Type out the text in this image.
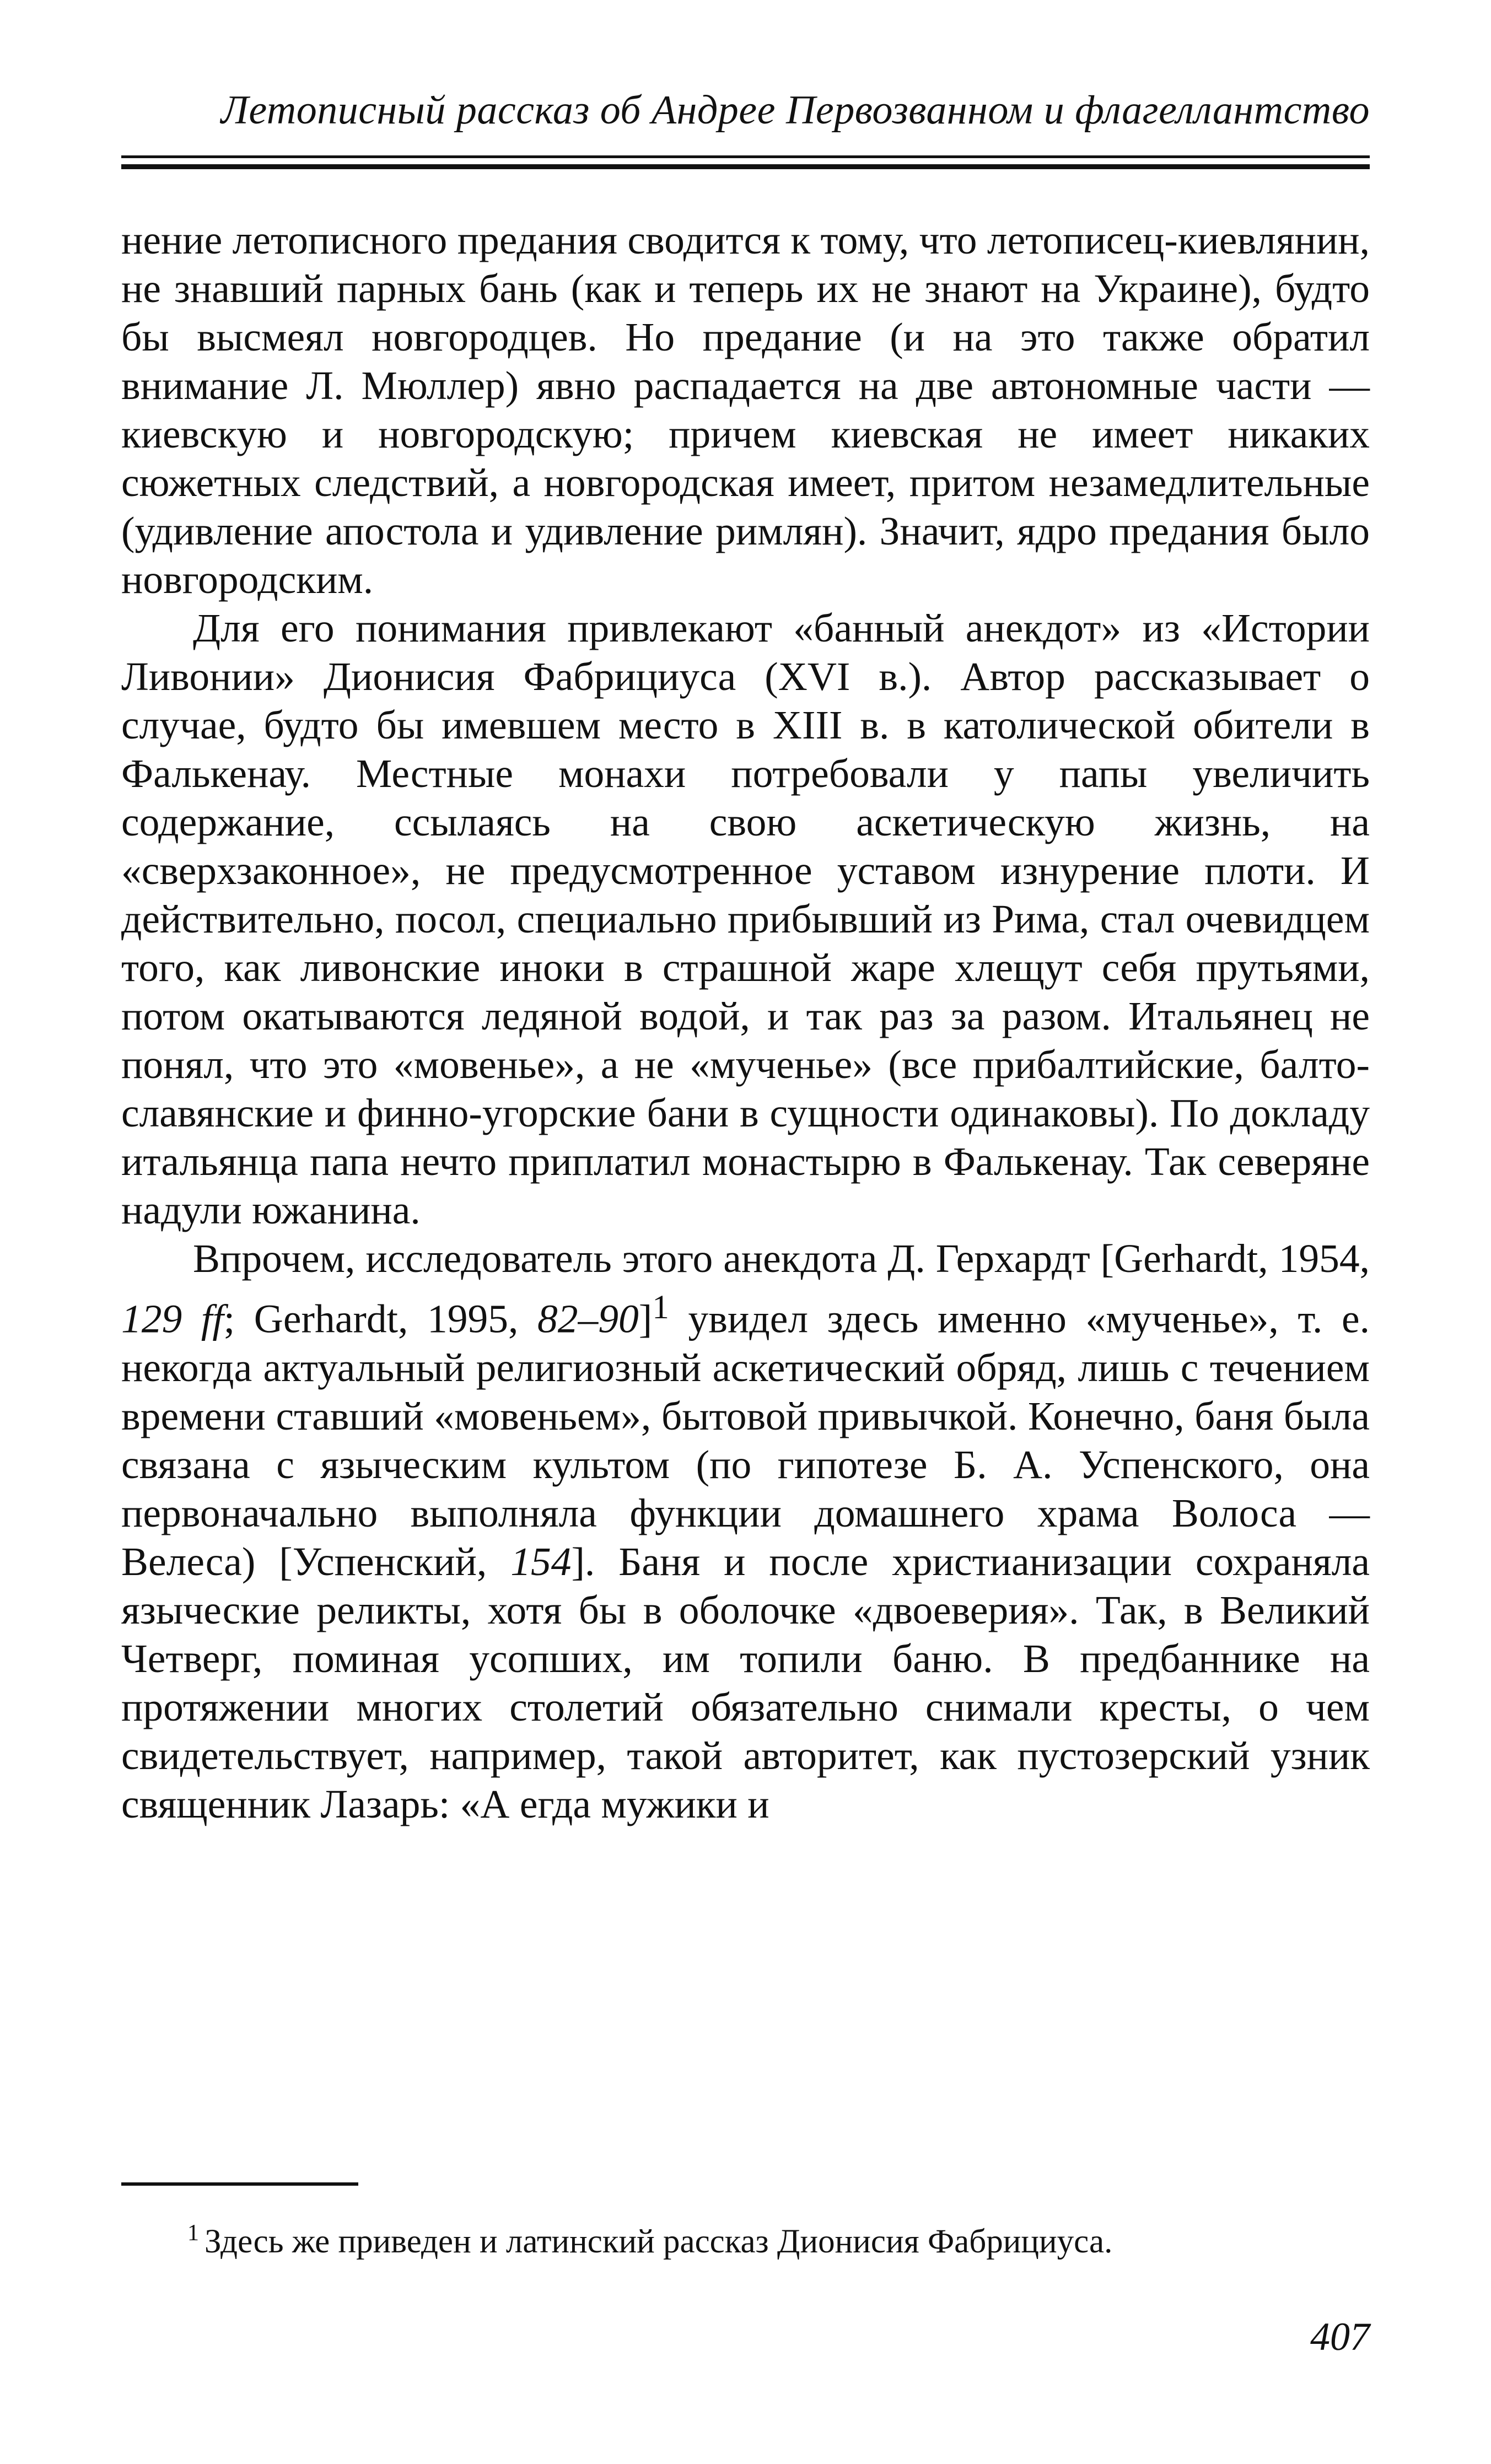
Летописный рассказ об Андрее Первозванном и флагеллантство

нение летописного предания сводится к тому, что летописец-киевлянин, не знавший парных бань (как и теперь их не знают на Украине), будто бы высмеял новгородцев. Но предание (и на это также обратил внимание Л. Мюллер) явно распадается на две автономные части — киевскую и новгородскую; причем киевская не имеет никаких сюжетных следствий, а новгородская имеет, притом незамедлительные (удивление апостола и удивление римлян). Значит, ядро предания было новгородским.

Для его понимания привлекают «банный анекдот» из «Истории Ливонии» Дионисия Фабрициуса (XVI в.). Автор рассказывает о случае, будто бы имевшем место в XIII в. в католической обители в Фалькенау. Местные монахи потребовали у папы увеличить содержание, ссылаясь на свою аскетическую жизнь, на «сверхзаконное», не предусмотренное уставом изнурение плоти. И действительно, посол, специально прибывший из Рима, стал очевидцем того, как ливонские иноки в страшной жаре хлещут себя прутьями, потом окатываются ледяной водой, и так раз за разом. Итальянец не понял, что это «мовенье», а не «мученье» (все прибалтийские, балто-славянские и финно-угорские бани в сущности одинаковы). По докладу итальянца папа нечто приплатил монастырю в Фалькенау. Так северяне надули южанина.

Впрочем, исследователь этого анекдота Д. Герхардт [Gerhardt, 1954, 129 ff; Gerhardt, 1995, 82–90]$^1$ увидел здесь именно «мученье», т. е. некогда актуальный религиозный аскетический обряд, лишь с течением времени ставший «мовеньем», бытовой привычкой. Конечно, баня была связана с языческим культом (по гипотезе Б. А. Успенского, она первоначально выполняла функции домашнего храма Волоса — Велеса) [Успенский, 154]. Баня и после христианизации сохраняла языческие реликты, хотя бы в оболочке «двоеверия». Так, в Великий Четверг, поминая усопших, им топили баню. В предбаннике на протяжении многих столетий обязательно снимали кресты, о чем свидетельствует, например, такой авторитет, как пустозерский узник священник Лазарь: «А егда мужики и

$^1$ Здесь же приведен и латинский рассказ Дионисия Фабрициуса.
407
